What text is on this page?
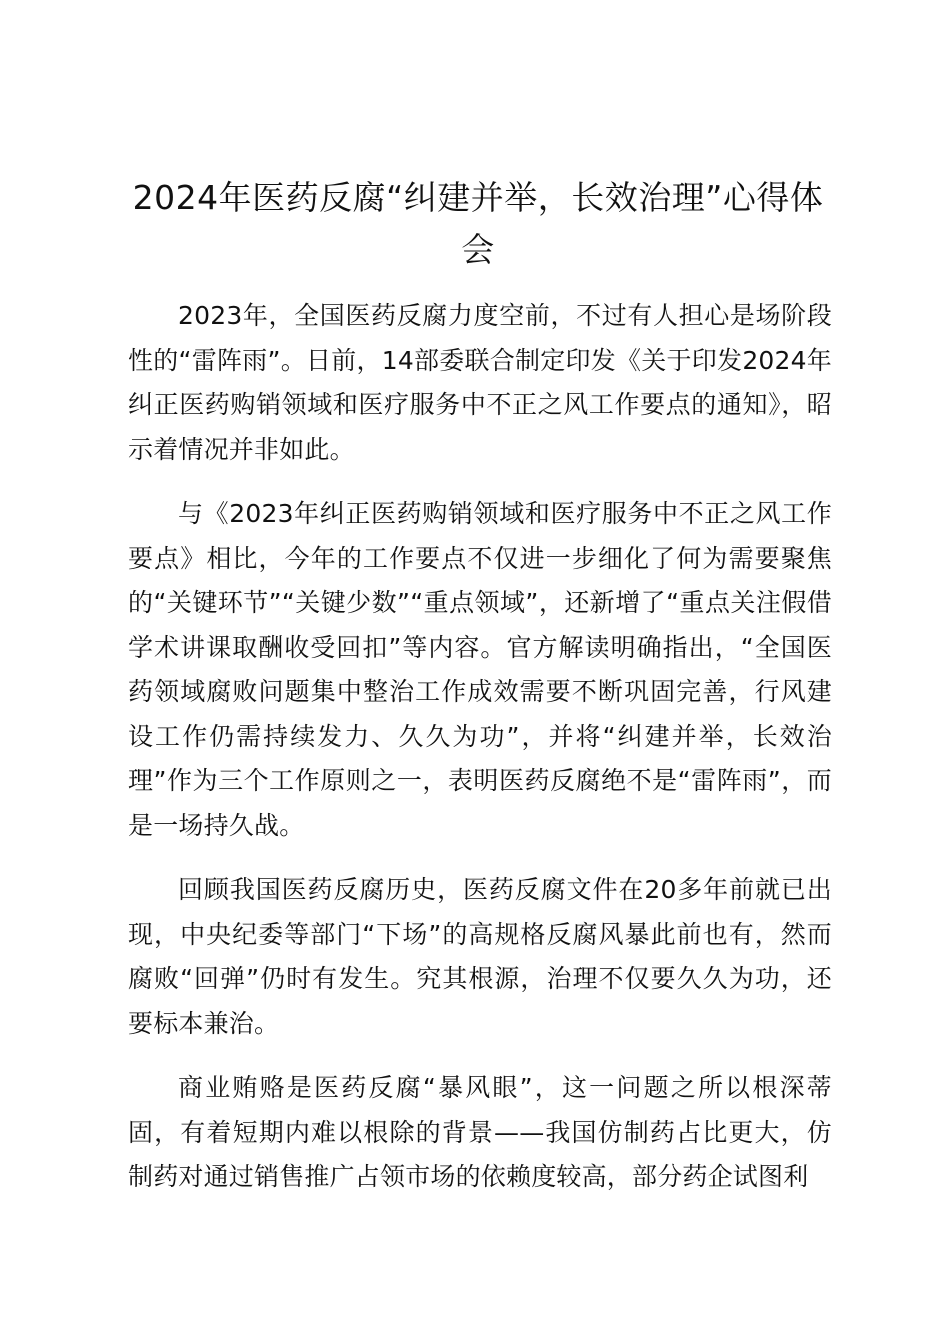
2024年医药反腐“纠建并举，长效治理”心得体会

2023年，全国医药反腐力度空前，不过有人担心是场阶段性的“雷阵雨”。日前，14部委联合制定印发《关于印发2024年纠正医药购销领域和医疗服务中不正之风工作要点的通知》，昭示着情况并非如此。

与《2023年纠正医药购销领域和医疗服务中不正之风工作要点》相比，今年的工作要点不仅进一步细化了何为需要聚焦的“关键环节”“关键少数”“重点领域”，还新增了“重点关注假借学术讲课取酬收受回扣”等内容。官方解读明确指出，“全国医药领域腐败问题集中整治工作成效需要不断巩固完善，行风建设工作仍需持续发力、久久为功”，并将“纠建并举，长效治理”作为三个工作原则之一，表明医药反腐绝不是“雷阵雨”，而是一场持久战。

回顾我国医药反腐历史，医药反腐文件在20多年前就已出现，中央纪委等部门“下场”的高规格反腐风暴此前也有，然而腐败“回弹”仍时有发生。究其根源，治理不仅要久久为功，还要标本兼治。

商业贿赂是医药反腐“暴风眼”，这一问题之所以根深蒂固，有着短期内难以根除的背景——我国仿制药占比更大，仿制药对通过销售推广占领市场的依赖度较高，部分药企试图利
